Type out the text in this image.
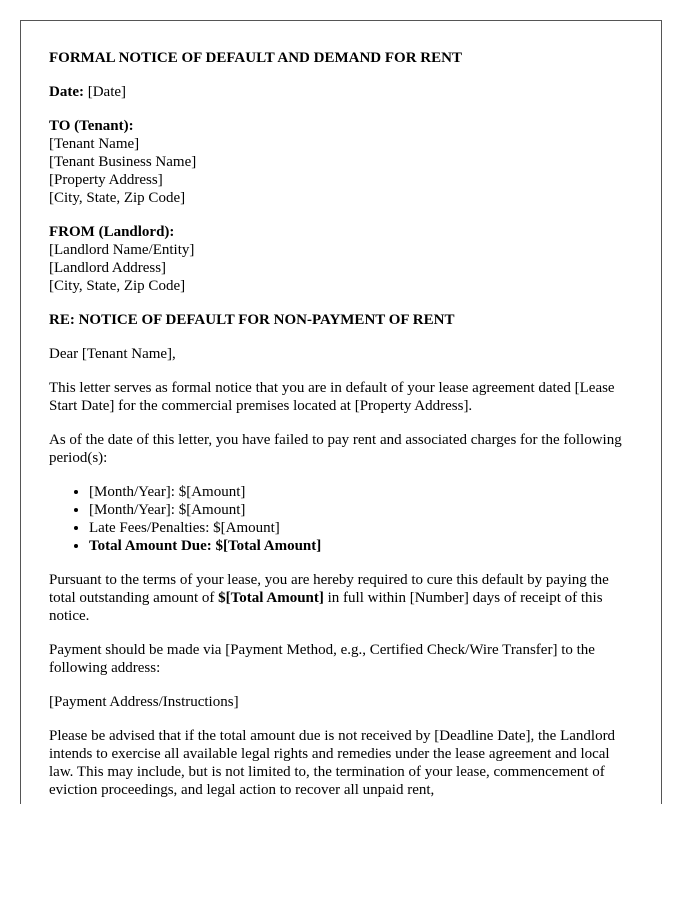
FORMAL NOTICE OF DEFAULT AND DEMAND FOR RENT
Date: [Date]
TO (Tenant):
[Tenant Name]
[Tenant Business Name]
[Property Address]
[City, State, Zip Code]
FROM (Landlord):
[Landlord Name/Entity]
[Landlord Address]
[City, State, Zip Code]
RE: NOTICE OF DEFAULT FOR NON-PAYMENT OF RENT

Dear [Tenant Name],

This letter serves as formal notice that you are in default of your lease agreement dated [Lease Start Date] for the commercial premises located at [Property Address].

As of the date of this letter, you have failed to pay rent and associated charges for the following period(s):

• [Month/Year]: $[Amount]
• [Month/Year]: $[Amount]
• Late Fees/Penalties: $[Amount]
• Total Amount Due: $[Total Amount]

Pursuant to the terms of your lease, you are hereby required to cure this default by paying the total outstanding amount of $[Total Amount] in full within [Number] days of receipt of this notice.

Payment should be made via [Payment Method, e.g., Certified Check/Wire Transfer] to the following address:

[Payment Address/Instructions]

Please be advised that if the total amount due is not received by [Deadline Date], the Landlord intends to exercise all available legal rights and remedies under the lease agreement and local law. This may include, but is not limited to, the termination of your lease, commencement of eviction proceedings, and legal action to recover all unpaid rent,
